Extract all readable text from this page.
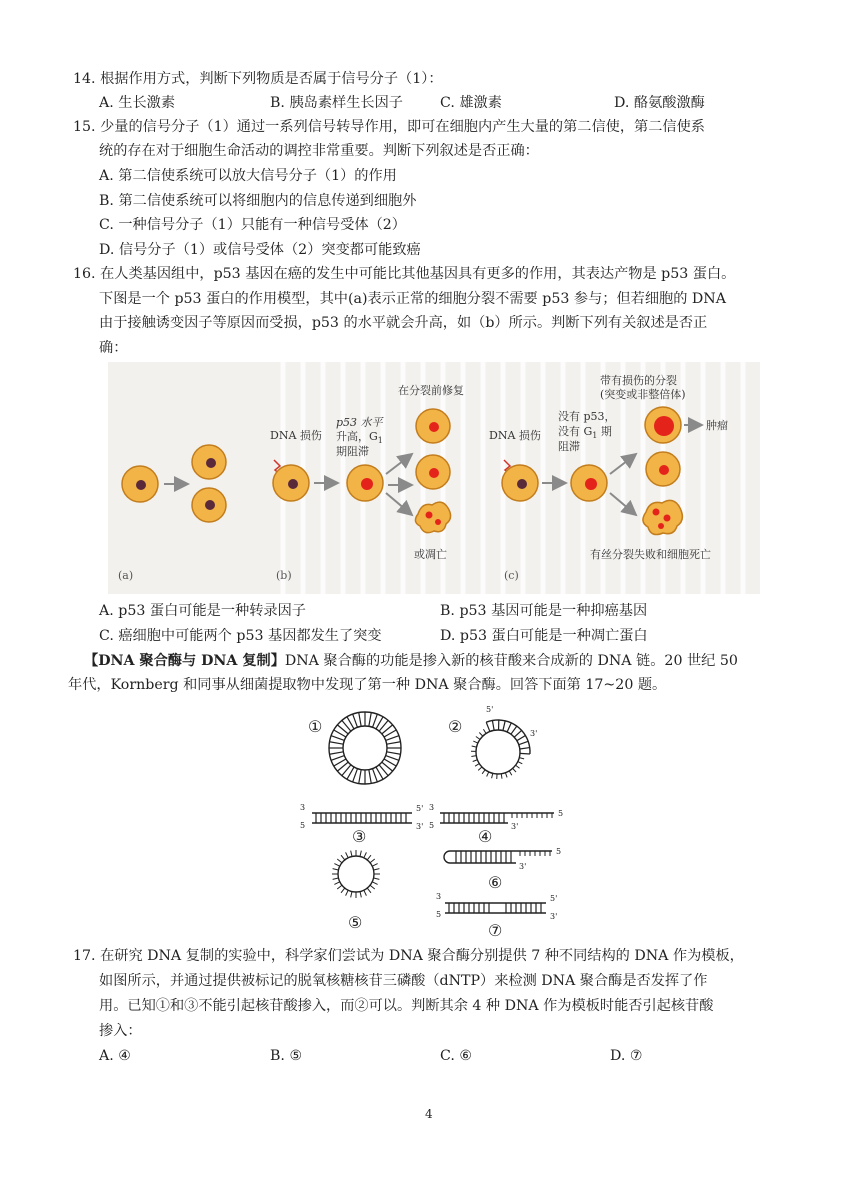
14. 根据作用方式，判断下列物质是否属于信号分子（1）：
A. 生长激素	B. 胰岛素样生长因子	C. 雄激素	D. 酪氨酸激酶
15. 少量的信号分子（1）通过一系列信号转导作用，即可在细胞内产生大量的第二信使，第二信使系
统的存在对于细胞生命活动的调控非常重要。判断下列叙述是否正确：
A. 第二信使系统可以放大信号分子（1）的作用
B. 第二信使系统可以将细胞内的信息传递到细胞外
C. 一种信号分子（1）只能有一种信号受体（2）
D. 信号分子（1）或信号受体（2）突变都可能致癌
16. 在人类基因组中，p53 基因在癌的发生中可能比其他基因具有更多的作用，其表达产物是 p53 蛋白。
下图是一个 p53 蛋白的作用模型，其中(a)表示正常的细胞分裂不需要 p53 参与；但若细胞的 DNA
由于接触诱变因子等原因而受损，p53 的水平就会升高，如（b）所示。判断下列有关叙述是否正
确：
(a)
DNA 损伤
p53 水平
升高，$G_1$
期阻滞
在分裂前修复
或凋亡
(b)
DNA 损伤
没有 p53，
没有 $G_1$ 期
阻滞
带有损伤的分裂
(突变或非整倍体)
肿瘤
有丝分裂失败和细胞死亡
(c)
A. p53 蛋白可能是一种转录因子	B. p53 基因可能是一种抑癌基因
C. 癌细胞中可能两个 p53 基因都发生了突变	D. p53 蛋白可能是一种凋亡蛋白
【DNA 聚合酶与 DNA 复制】DNA 聚合酶的功能是掺入新的核苷酸来合成新的 DNA 链。20 世纪 50
年代，Kornberg 和同事从细菌提取物中发现了第一种 DNA 聚合酶。回答下面第 17~20 题。
①	②
5'
3'
3
5
5'
3'
③
3
5
5
3'
④
⑤
3'
5
⑥
3
5
5'
3'
⑦
17. 在研究 DNA 复制的实验中，科学家们尝试为 DNA 聚合酶分别提供 7 种不同结构的 DNA 作为模板，
如图所示，并通过提供被标记的脱氧核糖核苷三磷酸（dNTP）来检测 DNA 聚合酶是否发挥了作
用。已知①和③不能引起核苷酸掺入，而②可以。判断其余 4 种 DNA 作为模板时能否引起核苷酸
掺入：
A. ④	B. ⑤	C. ⑥	D. ⑦
4
